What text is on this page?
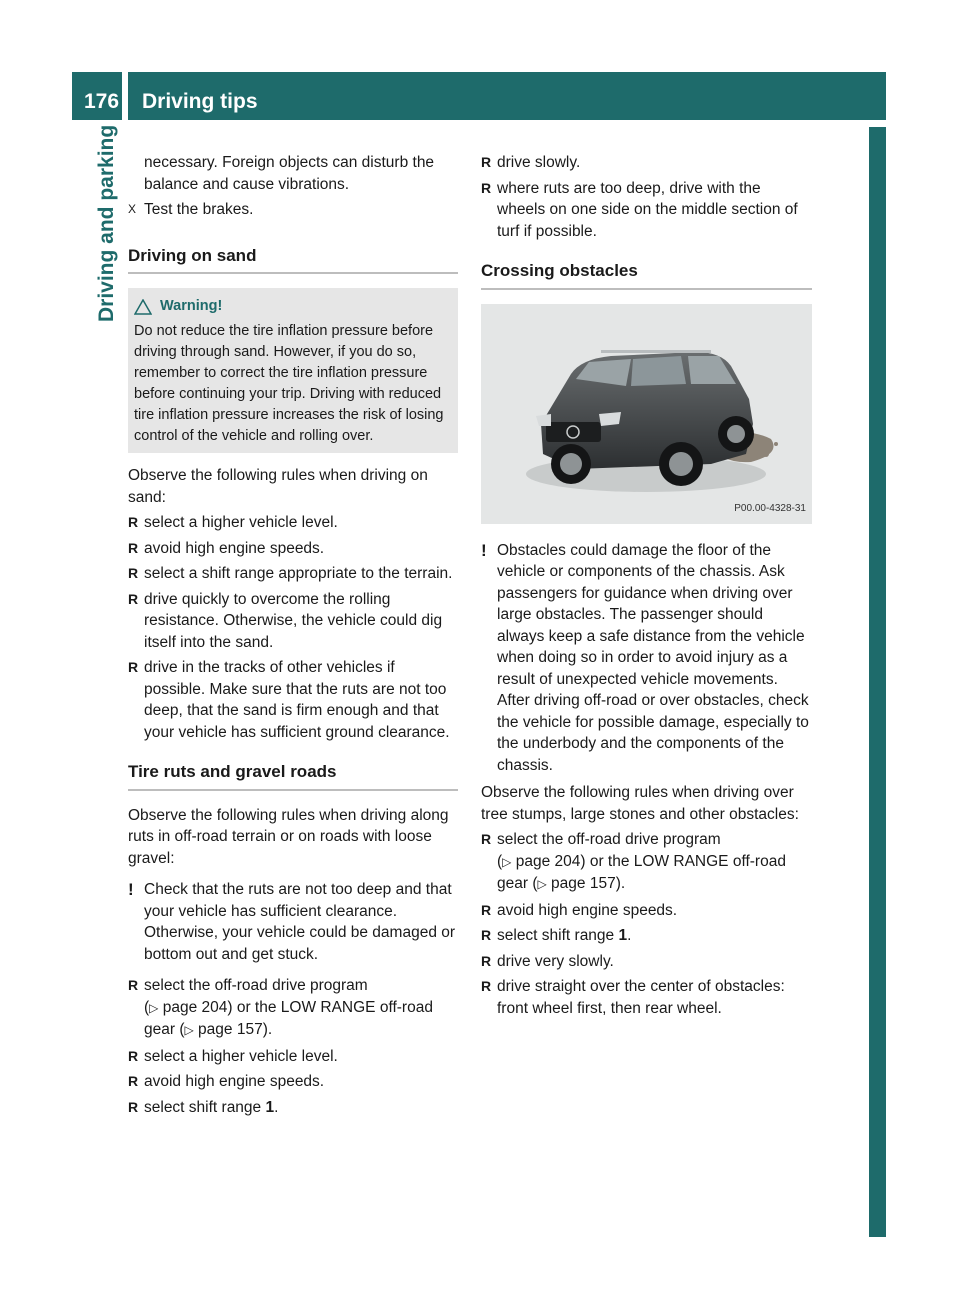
176	Driving tips
Driving and parking	necessary. Foreign objects can disturb the balance and cause vibrations.

X Test the brakes.
Driving on sand
Warning!
Do not reduce the tire inflation pressure before driving through sand. However, if you do so, remember to correct the tire inflation pressure before continuing your trip. Driving with reduced tire inflation pressure increases the risk of losing control of the vehicle and rolling over.

Observe the following rules when driving on sand:

R select a higher vehicle level.
R avoid high engine speeds.
R select a shift range appropriate to the terrain.
R drive quickly to overcome the rolling resistance. Otherwise, the vehicle could dig itself into the sand.
R drive in the tracks of other vehicles if possible. Make sure that the ruts are not too deep, that the sand is firm enough and that your vehicle has sufficient ground clearance.
Tire ruts and gravel roads

Observe the following rules when driving along ruts in off-road terrain or on roads with loose gravel:

! Check that the ruts are not too deep and that your vehicle has sufficient clearance. Otherwise, your vehicle could be damaged or bottom out and get stuck.
R select the off-road drive program
(▷ page 204) or the LOW RANGE off-road
gear (▷ page 157).
R select a higher vehicle level.
R avoid high engine speeds.
R select shift range 1.
R drive slowly.
R where ruts are too deep, drive with the wheels on one side on the middle section of turf if possible.
Crossing obstacles
P00.00-4328-31
! Obstacles could damage the floor of the vehicle or components of the chassis. Ask passengers for guidance when driving over large obstacles. The passenger should always keep a safe distance from the vehicle when doing so in order to avoid injury as a result of unexpected vehicle movements. After driving off-road or over obstacles, check the vehicle for possible damage, especially to the underbody and the components of the chassis.

Observe the following rules when driving over tree stumps, large stones and other obstacles:

R select the off-road drive program
(▷ page 204) or the LOW RANGE off-road
gear (▷ page 157).
R avoid high engine speeds.
R select shift range 1.
R drive very slowly.
R drive straight over the center of obstacles: front wheel first, then rear wheel.
